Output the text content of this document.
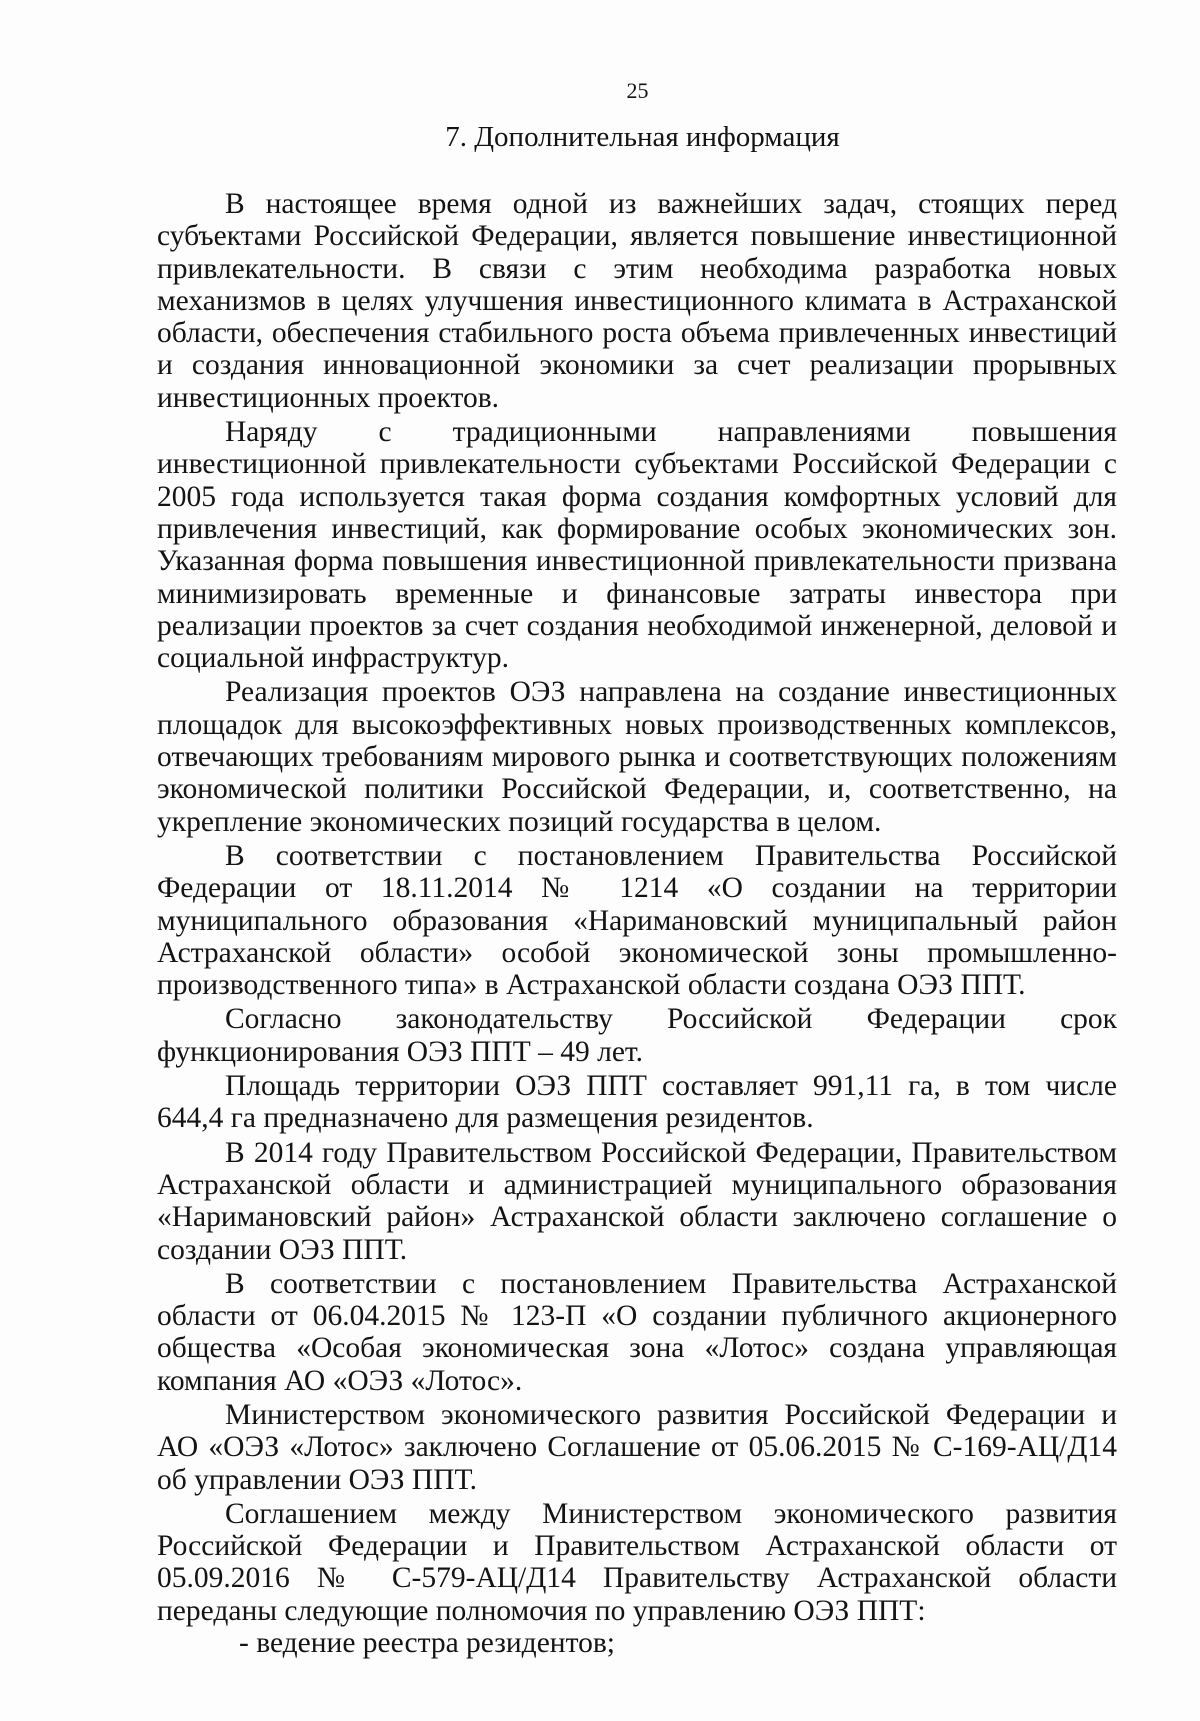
25
7. Дополнительная информация

В настоящее время одной из важнейших задач, стоящих перед субъектами Российской Федерации, является повышение инвестиционной привлекательности. В связи с этим необходима разработка новых механизмов в целях улучшения инвестиционного климата в Астраханской области, обеспечения стабильного роста объема привлеченных инвестиций и создания инновационной экономики за счет реализации прорывных инвестиционных проектов.

Наряду с традиционными направлениями повышения инвестиционной привлекательности субъектами Российской Федерации с 2005 года используется такая форма создания комфортных условий для привлечения инвестиций, как формирование особых экономических зон. Указанная форма повышения инвестиционной привлекательности призвана минимизировать временные и финансовые затраты инвестора при реализации проектов за счет создания необходимой инженерной, деловой и социальной инфраструктур.

Реализация проектов ОЭЗ направлена на создание инвестиционных площадок для высокоэффективных новых производственных комплексов, отвечающих требованиям мирового рынка и соответствующих положениям экономической политики Российской Федерации, и, соответственно, на укрепление экономических позиций государства в целом.

В соответствии с постановлением Правительства Российской Федерации от 18.11.2014 № 1214 «О создании на территории муниципального образования «Наримановский муниципальный район Астраханской области» особой экономической зоны промышленно-производственного типа» в Астраханской области создана ОЭЗ ППТ.

Согласно законодательству Российской Федерации срок функционирования ОЭЗ ППТ – 49 лет.

Площадь территории ОЭЗ ППТ составляет 991,11 га, в том числе 644,4 га предназначено для размещения резидентов.

В 2014 году Правительством Российской Федерации, Правительством Астраханской области и администрацией муниципального образования «Наримановский район» Астраханской области заключено соглашение о создании ОЭЗ ППТ.

В соответствии с постановлением Правительства Астраханской области от 06.04.2015 № 123-П «О создании публичного акционерного общества «Особая экономическая зона «Лотос» создана управляющая компания АО «ОЭЗ «Лотос».

Министерством экономического развития Российской Федерации и АО «ОЭЗ «Лотос» заключено Соглашение от 05.06.2015 № С-169-АЦ/Д14 об управлении ОЭЗ ППТ.

Соглашением между Министерством экономического развития Российской Федерации и Правительством Астраханской области от 05.09.2016 № С-579-АЦ/Д14 Правительству Астраханской области переданы следующие полномочия по управлению ОЭЗ ППТ:

- ведение реестра резидентов;
